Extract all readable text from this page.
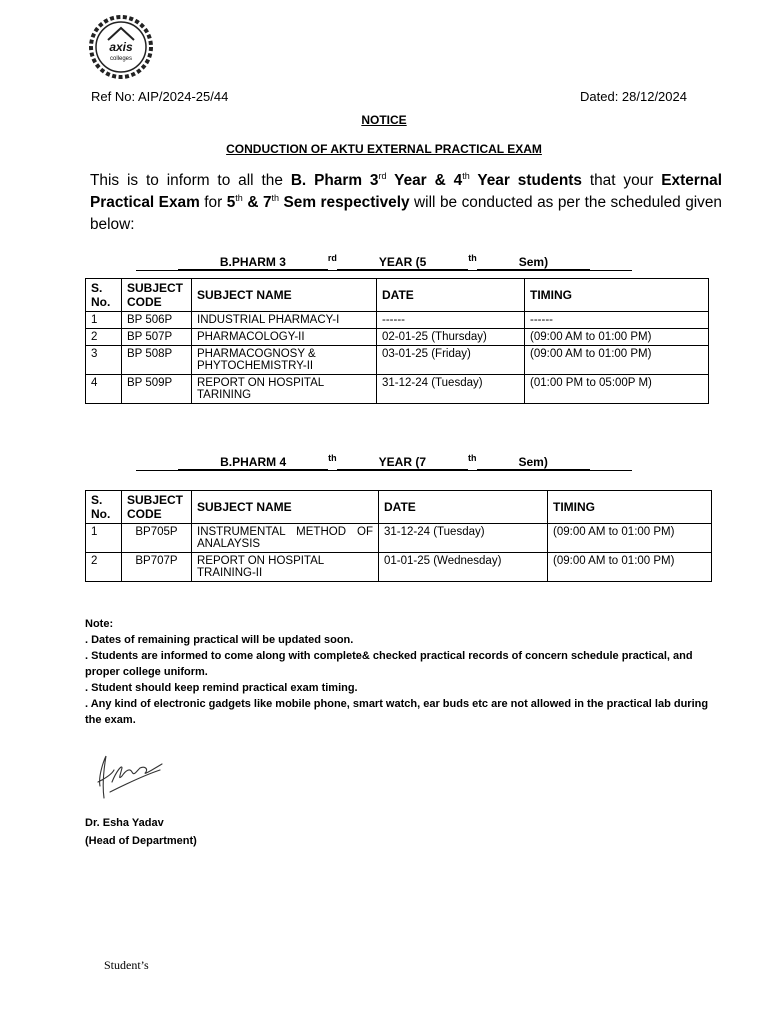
axis
colleges
Ref No: AIP/2024-25/44	Dated: 28/12/2024
NOTICE
CONDUCTION OF AKTU EXTERNAL PRACTICAL EXAM
This is to inform to all the B. Pharm 3rd Year & 4th Year students that your External Practical Exam for 5th & 7th Sem respectively will be conducted as per the scheduled given below:
B.PHARM 3	$^{rd}$	YEAR (5	$^{th}$	Sem)
S. No.	SUBJECT CODE	SUBJECT NAME	DATE	TIMING
1	BP 506P	INDUSTRIAL PHARMACY-I	------	------
2	BP 507P	PHARMACOLOGY-II	02-01-25 (Thursday)	(09:00 AM to 01:00 PM)
3	BP 508P	PHARMACOGNOSY & PHYTOCHEMISTRY-II	03-01-25 (Friday)	(09:00 AM to 01:00 PM)
4	BP 509P	REPORT ON HOSPITAL TARINING	31-12-24 (Tuesday)	(01:00 PM to 05:00P M)
B.PHARM 4	$^{th}$	YEAR (7	$^{th}$	Sem)
S. No.	SUBJECT CODE	SUBJECT NAME	DATE	TIMING
1	BP705P	INSTRUMENTAL METHOD OF ANALAYSIS	31-12-24 (Tuesday)	(09:00 AM to 01:00 PM)
2	BP707P	REPORT ON HOSPITAL TRAINING-II	01-01-25 (Wednesday)	(09:00 AM to 01:00 PM)
Note:
. Dates of remaining practical will be updated soon.
. Students are informed to come along with complete& checked practical records of concern schedule practical, and proper college uniform.
. Student should keep remind practical exam timing.
. Any kind of electronic gadgets like mobile phone, smart watch, ear buds etc are not allowed in the practical lab during the exam.
Dr. Esha Yadav
(Head of Department)
Student’s
